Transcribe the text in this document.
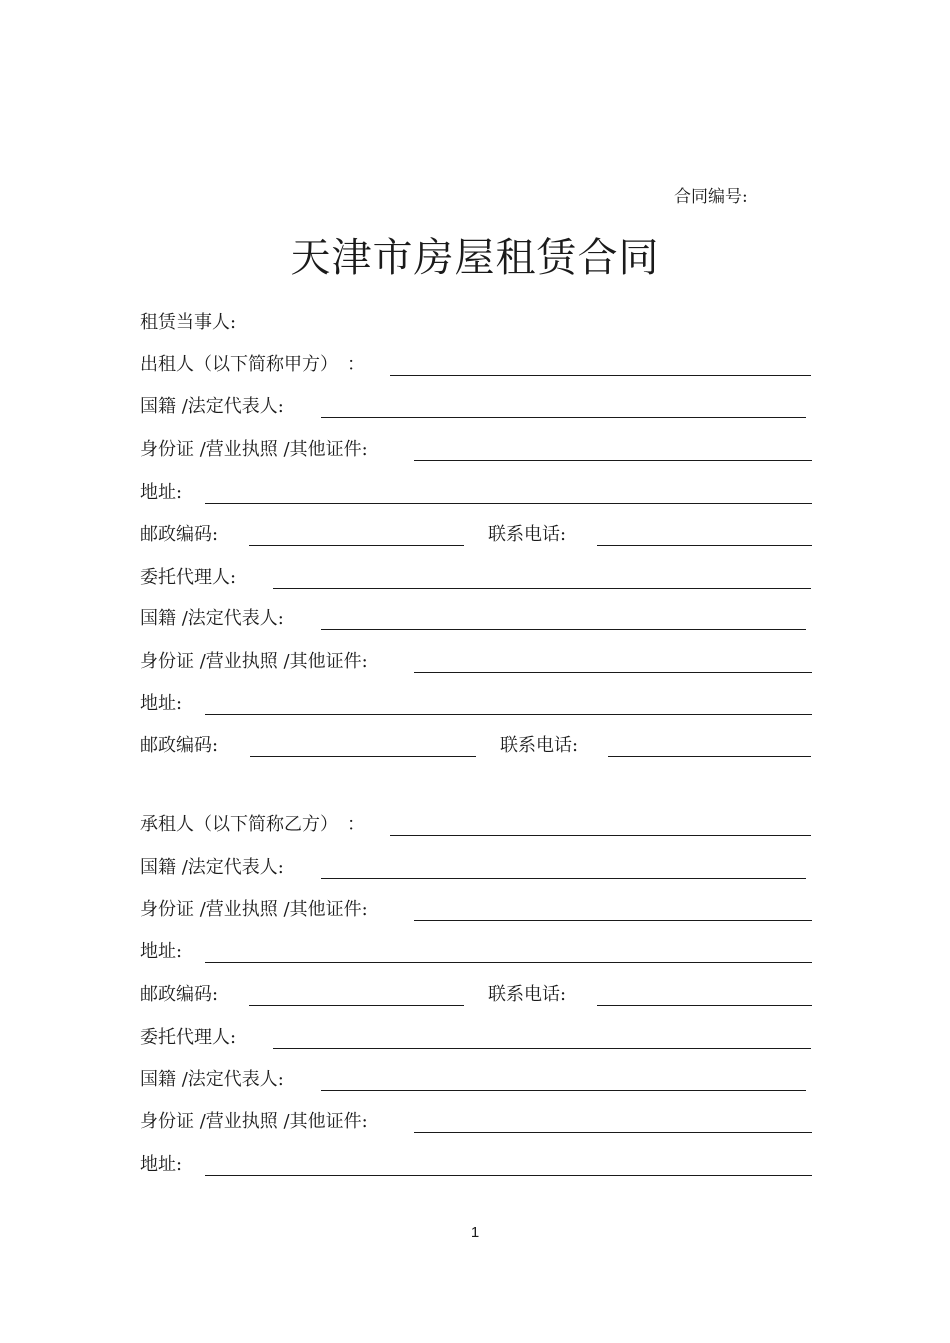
合同编号:
天津市房屋租赁合同
租赁当事人:
出租人（以下简称甲方）　：
国籍 /法定代表人:
身份证 /营业执照 /其他证件:
地址:
邮政编码:	联系电话:
委托代理人:
国籍 /法定代表人:
身份证 /营业执照 /其他证件:
地址:
邮政编码:	联系电话:
承租人（以下简称乙方）　：
国籍 /法定代表人:
身份证 /营业执照 /其他证件:
地址:
邮政编码:	联系电话:
委托代理人:
国籍 /法定代表人:
身份证 /营业执照 /其他证件:
地址:
1
